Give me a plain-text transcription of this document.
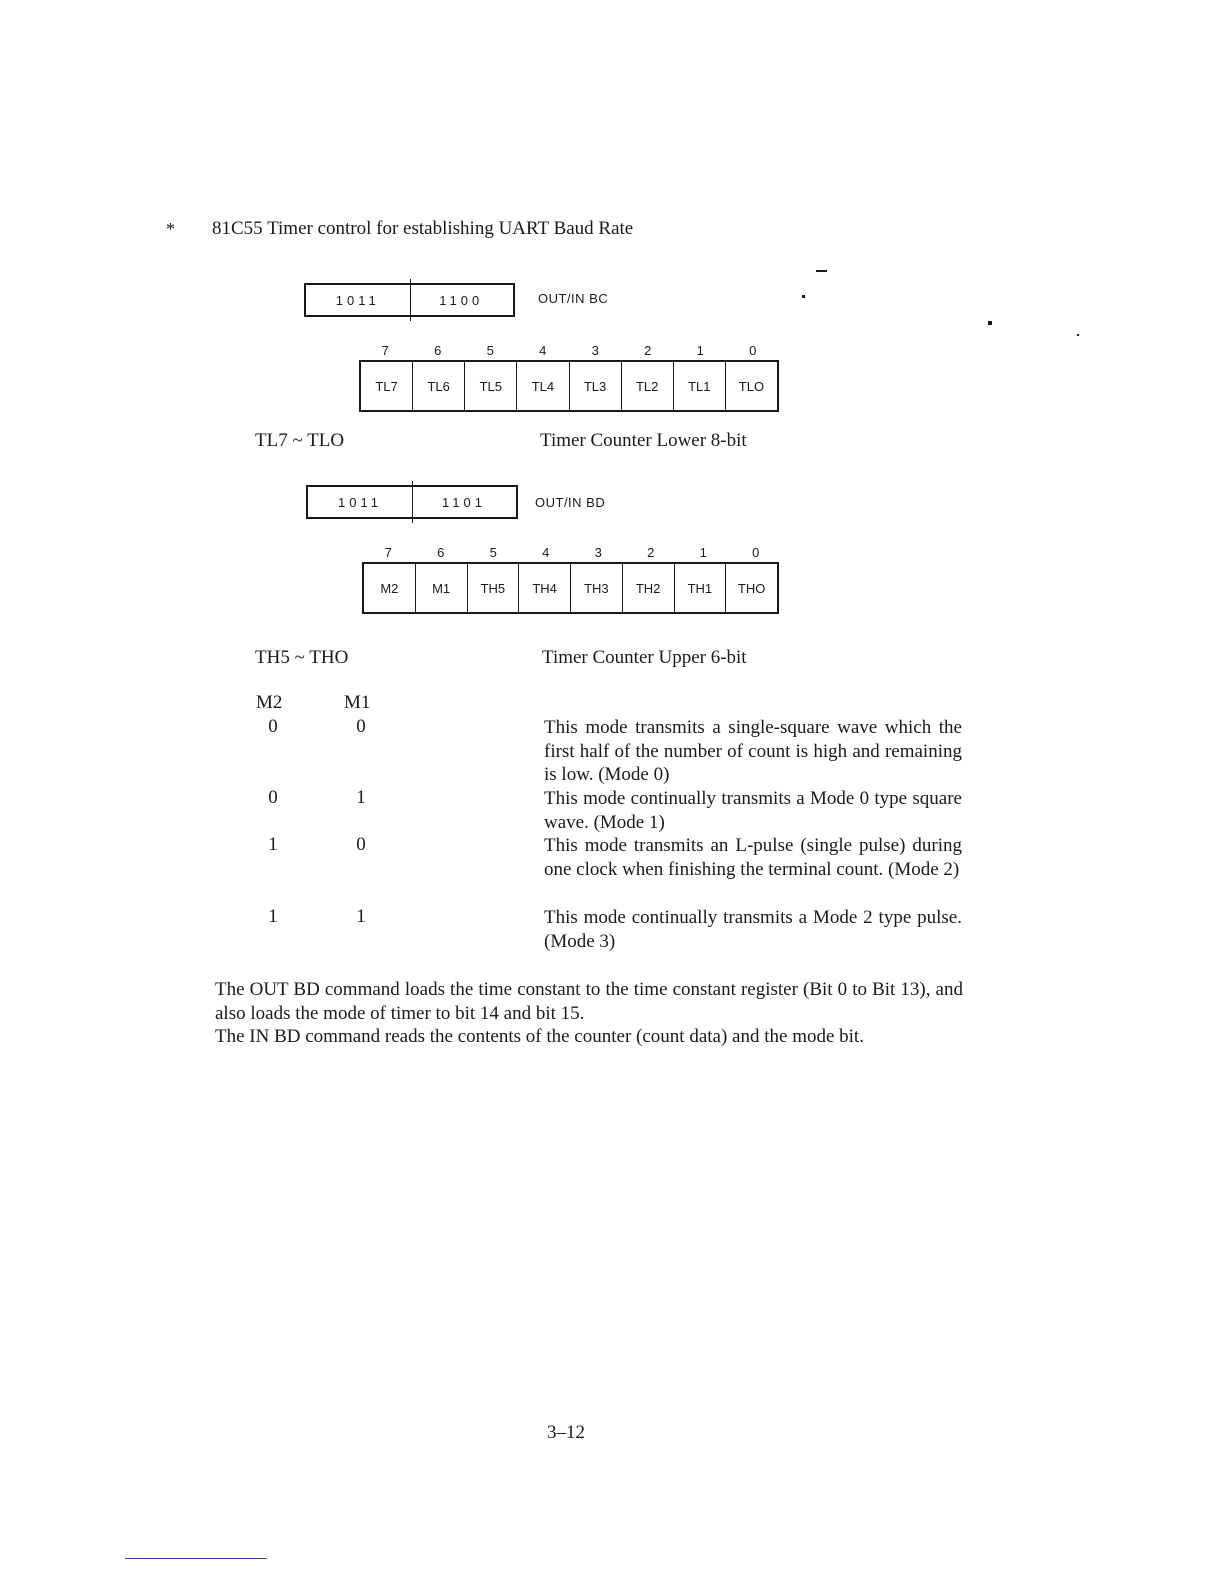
* 81C55 Timer control for establishing UART Baud Rate
1011	1100	OUT/IN BC
7	6	5	4	3	2	1	0
TL7	TL6	TL5	TL4	TL3	TL2	TL1	TLO
TL7 ~ TLO	Timer Counter Lower 8-bit
1011	1101	OUT/IN BD
7	6	5	4	3	2	1	0
M2	M1	TH5	TH4	TH3	TH2	TH1	THO
TH5 ~ THO	Timer Counter Upper 6-bit
M2	M1
0	0	This mode transmits a single-square wave which the first half of the number of count is high and remaining is low. (Mode 0)
0	1	This mode continually transmits a Mode 0 type square wave. (Mode 1)
1	0	This mode transmits an L-pulse (single pulse) during one clock when finishing the terminal count. (Mode 2)
1	1	This mode continually transmits a Mode 2 type pulse. (Mode 3)
The OUT BD command loads the time constant to the time constant register (Bit 0 to Bit 13), and also loads the mode of timer to bit 14 and bit 15.
The IN BD command reads the contents of the counter (count data) and the mode bit.
3–12
